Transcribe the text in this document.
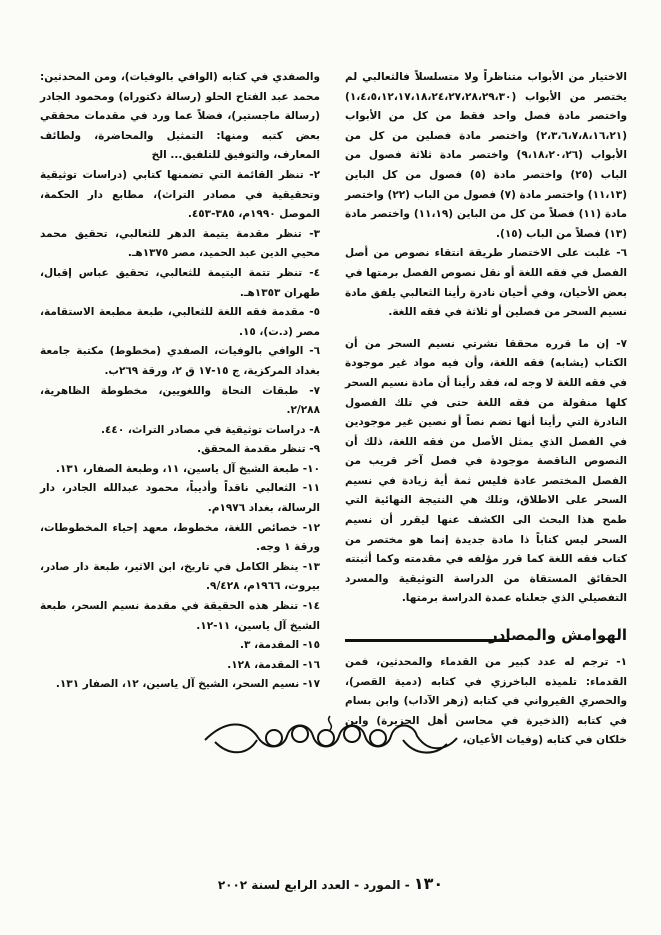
الاختيار من الأبواب متناظراً ولا متسلسلاً فالثعالبي لم يختصر من الأبواب (١،٤،٥،١٢،١٧،١٨،٢٤،٢٧،٢٨،٢٩،٣٠) واختصر مادة فصل واحد فقط من كل من الأبواب (٢،٣،٦،٧،٨،١٦،٢١) واختصر مادة فصلين من كل من الأبواب (٩،١٨،٢٠،٢٦) واختصر مادة ثلاثة فصول من الباب (٢٥) واختصر مادة (٥) فصول من كل الباين (١١،١٣) واختصر مادة (٧) فصول من الباب (٢٢) واختصر مادة (١١) فصلاً من كل من الباين (١١،١٩) واختصر مادة (١٣) فصلاً من الباب (١٥).

٦- غلبت على الاختصار طريقة انتقاء نصوص من أصل الفصل في فقه اللغة أو نقل نصوص الفصل برمتها في بعض الأحيان، وفي أحيان نادرة رأينا الثعالبي يلفق مادة نسيم السحر من فصلين أو ثلاثة في فقه اللغة.

٧- إن ما قرره محققا نشرتي نسيم السحر من أن الكتاب (يشابه) فقه اللغة، وأن فيه مواد غير موجودة في فقه اللغة لا وجه له، فقد رأينا أن مادة نسيم السحر كلها منقولة من فقه اللغة حتى في تلك الفصول النادرة التي رأينا أنها تضم نصاً أو نصين غير موجودين في الفصل الذي يمثل الأصل من فقه اللغة، ذلك أن النصوص الناقصة موجودة في فصل آخر قريب من الفصل المختصر عادة فليس ثمة أية زيادة في نسيم السحر على الاطلاق، وتلك هي النتيجة النهائية التي طمح هذا البحث الى الكشف عنها ليقرر أن نسيم السحر ليس كتاباً ذا مادة جديدة إنما هو مختصر من كتاب فقه اللغة كما قرر مؤلفه في مقدمته وكما أثبتته الحقائق المستقاة من الدراسة التوثيقية والمسرد التفصيلي الذي جعلناه عمدة الدراسة برمتها.

الهوامش والمصادر

١- ترجم له عدد كبير من القدماء والمحدثين، فمن القدماء: تلميذه الباخرزي في كتابه (دمية القصر)، والحصري القيرواني في كتابه (زهر الآداب) وابن بسام في كتابه (الذخيرة في محاسن أهل الجزيرة) وابن خلكان في كتابه (وفيات الأعيان،

والصفدي في كتابه (الوافي بالوفيات)، ومن المحدثين: محمد عبد الفتاح الحلو (رسالة دكتوراه) ومحمود الجادر (رسالة ماجستير)، فضلاً عما ورد في مقدمات محققي بعض كتبه ومنها: التمثيل والمحاضرة، ولطائف المعارف، والتوفيق للتلفيق... الخ

٢- تنظر القائمة التي تضمنها كتابي (دراسات توثيقية وتحقيقية في مصادر التراث)، مطابع دار الحكمة، الموصل ١٩٩٠م، ٣٨٥-٤٥٣.

٣- تنظر مقدمة يتيمة الدهر للثعالبي، تحقيق محمد محيي الدين عبد الحميد، مصر ١٣٧٥هـ.

٤- تنظر تتمة اليتيمة للثعالبي، تحقيق عباس إقبال، طهران ١٣٥٣هـ.

٥- مقدمة فقه اللغة للثعالبي، طبعة مطبعة الاستقامة، مصر (د.ت)، ١٥.

٦- الوافي بالوفيات، الصفدي (مخطوط) مكتبة جامعة بغداد المركزية، ج ١٥-١٧ ق ٢، ورقة ٢٦٩ب.

٧- طبقات النحاة واللغويين، مخطوطة الظاهرية، ٢/٢٨٨.

٨- دراسات توثيقية في مصادر التراث، ٤٤٠.

٩- تنظر مقدمة المحقق.

١٠- طبعة الشيخ آل ياسين، ١١، وطبعة الصفار، ١٣١.

١١- الثعالبي ناقداً وأديباً، محمود عبدالله الجادر، دار الرسالة، بغداد ١٩٧٦م.

١٢- خصائص اللغة، مخطوط، معهد إحياء المخطوطات، ورقة ١ وجه.

١٣- ينظر الكامل في تاريخ، ابن الاثير، طبعة دار صادر، بيروت، ١٩٦٦م، ٩/٤٢٨.

١٤- تنظر هذه الحقيقة في مقدمة نسيم السحر، طبعة الشيخ آل ياسين، ١١-١٢.

١٥- المقدمة، ٣.

١٦- المقدمة، ١٢٨.

١٧- نسيم السحر، الشيخ آل ياسين، ١٢، الصفار ١٣١.

١٣٠ - المورد - العدد الرابع لسنة ٢٠٠٢
